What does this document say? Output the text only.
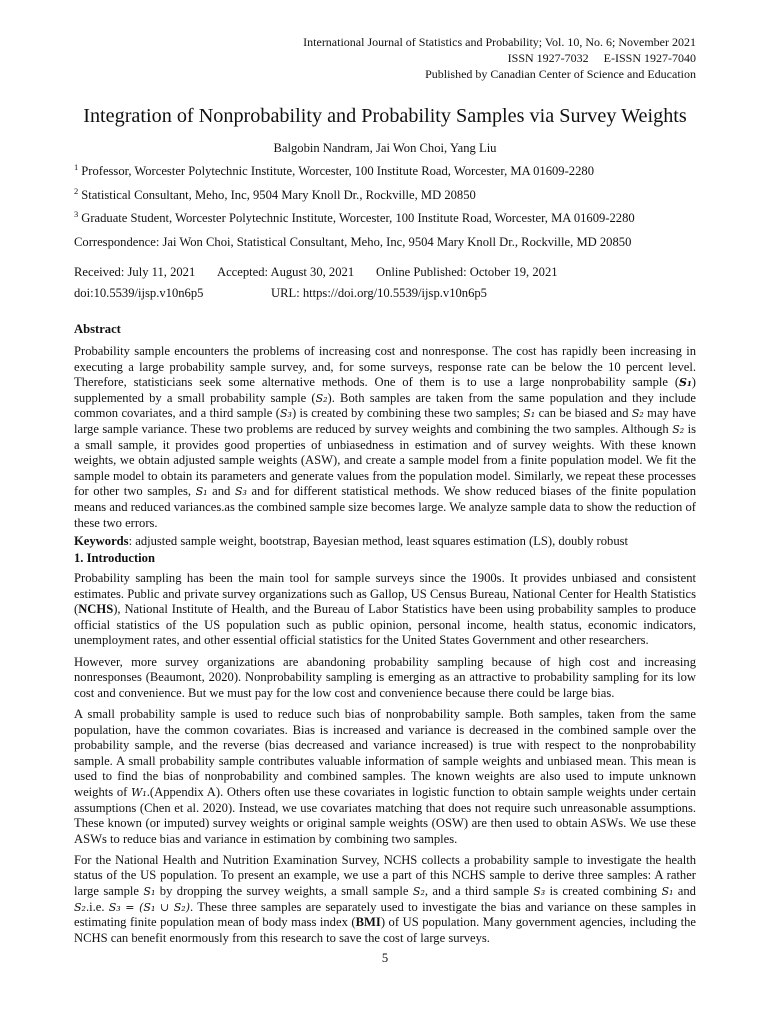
International Journal of Statistics and Probability; Vol. 10, No. 6; November 2021
ISSN 1927-7032     E-ISSN 1927-7040
Published by Canadian Center of Science and Education
Integration of Nonprobability and Probability Samples via Survey Weights
Balgobin Nandram, Jai Won Choi, Yang Liu
$^1$ Professor, Worcester Polytechnic Institute, Worcester, 100 Institute Road, Worcester, MA 01609-2280
$^2$ Statistical Consultant, Meho, Inc, 9504 Mary Knoll Dr., Rockville, MD 20850
$^3$ Graduate Student, Worcester Polytechnic Institute, Worcester, 100 Institute Road, Worcester, MA 01609-2280
Correspondence: Jai Won Choi, Statistical Consultant, Meho, Inc, 9504 Mary Knoll Dr., Rockville, MD 20850
Received: July 11, 2021 Accepted: August 30, 2021 Online Published: October 19, 2021
doi:10.5539/ijsp.v10n6p5	URL: https://doi.org/10.5539/ijsp.v10n6p5
Abstract
Probability sample encounters the problems of increasing cost and nonresponse. The cost has rapidly been increasing in executing a large probability sample survey, and, for some surveys, response rate can be below the 10 percent level. Therefore, statisticians seek some alternative methods. One of them is to use a large nonprobability sample (S₁) supplemented by a small probability sample (S₂). Both samples are taken from the same population and they include common covariates, and a third sample (S₃) is created by combining these two samples; S₁ can be biased and S₂ may have large sample variance. These two problems are reduced by survey weights and combining the two samples. Although S₂ is a small sample, it provides good properties of unbiasedness in estimation and of survey weights. With these known weights, we obtain adjusted sample weights (ASW), and create a sample model from a finite population model. We fit the sample model to obtain its parameters and generate values from the population model. Similarly, we repeat these processes for other two samples, S₁ and S₃ and for different statistical methods. We show reduced biases of the finite population means and reduced variances.as the combined sample size becomes large. We analyze sample data to show the reduction of these two errors.
Keywords: adjusted sample weight, bootstrap, Bayesian method, least squares estimation (LS), doubly robust
1. Introduction

Probability sampling has been the main tool for sample surveys since the 1900s. It provides unbiased and consistent estimates. Public and private survey organizations such as Gallop, US Census Bureau, National Center for Health Statistics (NCHS), National Institute of Health, and the Bureau of Labor Statistics have been using probability samples to produce official statistics of the US population such as public opinion, personal income, health status, economic indicators, unemployment rates, and other essential official statistics for the United States Government and other researchers.

However, more survey organizations are abandoning probability sampling because of high cost and increasing nonresponses (Beaumont, 2020). Nonprobability sampling is emerging as an attractive to probability sampling for its low cost and convenience. But we must pay for the low cost and convenience because there could be large bias.

A small probability sample is used to reduce such bias of nonprobability sample. Both samples, taken from the same population, have the common covariates. Bias is increased and variance is decreased in the combined sample over the probability sample, and the reverse (bias decreased and variance increased) is true with respect to the nonprobability sample. A small probability sample contributes valuable information of sample weights and unbiased mean. This mean is used to find the bias of nonprobability and combined samples. The known weights are also used to impute unknown weights of W₁.(Appendix A). Others often use these covariates in logistic function to obtain sample weights under certain assumptions (Chen et al. 2020). Instead, we use covariates matching that does not require such unreasonable assumptions. These known (or imputed) survey weights or original sample weights (OSW) are then used to obtain ASWs. We use these ASWs to reduce bias and variance in estimation by combining two samples.

For the National Health and Nutrition Examination Survey, NCHS collects a probability sample to investigate the health status of the US population. To present an example, we use a part of this NCHS sample to derive three samples: A rather large sample S₁ by dropping the survey weights, a small sample S₂, and a third sample S₃ is created combining S₁ and S₂.i.e. S₃ = (S₁ ∪ S₂). These three samples are separately used to investigate the bias and variance on these samples in estimating finite population mean of body mass index (BMI) of US population. Many government agencies, including the NCHS can benefit enormously from this research to save the cost of large surveys.

5
